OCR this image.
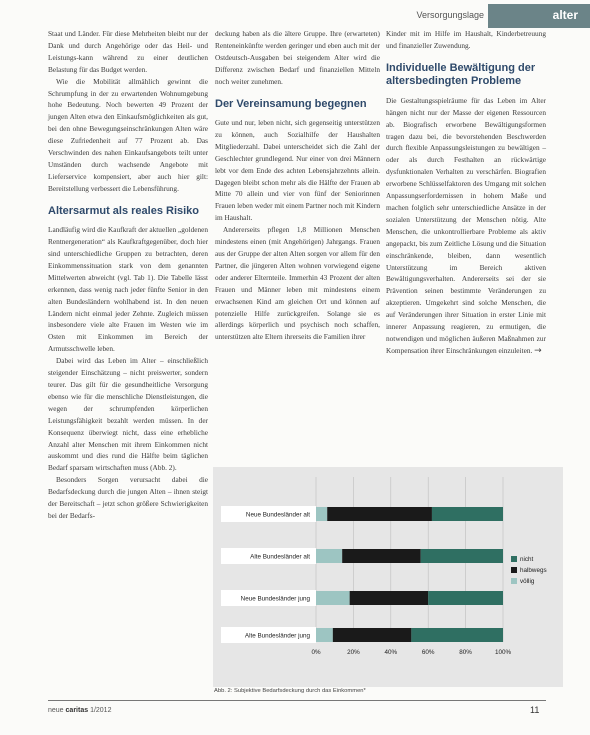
Versorgungslage	alter

Staat und Länder. Für diese Mehrheiten bleibt nur der Dank und durch Angehörige oder das Heil- und Leistungs-kann während zu einer deutlichen Belastung für das Budget werden.

Wie die Mobilität allmählich gewinnt die Schrumpfung in der zu erwartenden Wohnumgebung hohe Bedeutung. Noch bewerten 49 Prozent der jungen Alten etwa den Einkaufsmöglichkeiten als gut, bei den ohne Bewegungseinschränkungen Alten wäre diese Zufriedenheit auf 77 Prozent ab. Das Verschwinden des nahen Einkaufsangebots teilt unter Umständen durch wachsende Angebote mit Lieferservice kompensiert, aber auch hier gilt: Bereitstellung verbessert die Lebensführung.

Altersarmut als reales Risiko

Landläufig wird die Kaufkraft der aktuellen „goldenen Rentnergeneration“ als Kaufkraftgegenüber, doch hier sind unterschiedliche Gruppen zu betrachten, deren Einkommenssituation stark von dem genannten Mittelwerten abweicht (vgl. Tab 1). Die Tabelle lässt erkennen, dass wenig nach jeder fünfte Senior in den alten Bundesländern wohlhabend ist. In den neuen Ländern nicht einmal jeder Zehnte. Zugleich müssen insbesondere viele alte Frauen im Westen wie im Osten mit Einkommen im Bereich der Armutsschwelle leben.

Dabei wird das Leben im Alter – einschließlich steigender Einschätzung – nicht preiswerter, sondern teurer. Das gilt für die gesundheitliche Versorgung ebenso wie für die menschliche Dienstleistungen, die wegen der schrumpfenden körperlichen Leistungsfähigkeit bezahlt werden müssen. In der Konsequenz überwiegt nicht, dass eine erhebliche Anzahl alter Menschen mit ihrem Einkommen nicht auskommt und dies rund die Hälfte beim täglichen Bedarf sparsam wirtschaften muss (Abb. 2).

Besonders Sorgen verursacht dabei die Bedarfsdeckung durch die jungen Alten – ihnen steigt der Bereitschaft – jetzt schon größere Schwierigkeiten bei der Bedarfs-

deckung haben als die ältere Gruppe. Ihre (erwarteten) Renteneinkünfte werden geringer und eben auch mit der Ostdeutsch-Ausgaben bei steigendem Alter wird die Differenz zwischen Bedarf und finanziellen Mitteln noch weiter zunehmen.

Der Vereinsamung begegnen

Gute und nur, leben nicht, sich gegenseitig unterstützen zu können, auch Sozialhilfe der Haushalten Mitgliederzahl. Dabei unterscheidet sich die Zahl der Geschlechter grundlegend. Nur einer von drei Männern lebt vor dem Ende des achten Lebensjahrzehnts allein. Dagegen bleibt schon mehr als die Hälfte der Frauen ab Mitte 70 allein und vier von fünf der Seniorinnen Frauen leben weder mit einem Partner noch mit Kindern im Haushalt.

Andererseits pflegen 1,8 Millionen Menschen mindestens einen (mit Angehörigen) Jahrgangs. Frauen aus der Gruppe der alten Alten sorgen vor allem für den Partner, die jüngeren Alten wohnen vorwiegend eigene oder anderer Elternteile. Immerhin 43 Prozent der alten Frauen und Männer leben mit mindestens einem erwachsenen Kind am gleichen Ort und können auf potenzielle Hilfe zurückgreifen. Solange sie es allerdings körperlich und psychisch noch schaffen, unterstützen alte Eltern ihrerseits die Familien ihrer

Kinder mit im Hilfe im Haushalt, Kinderbetreuung und finanzieller Zuwendung.

Individuelle Bewältigung der altersbedingten Probleme

Die Gestaltungsspielräume für das Leben im Alter hängen nicht nur der Masse der eigenen Ressourcen ab. Biografisch erworbene Bewältigungsformen tragen dazu bei, die bevorstehenden Beschwerden durch flexible Anpassungsleistungen zu bewältigen – oder als durch Festhalten an rückwärtige dysfunktionalen Verhalten zu verschärfen. Biografien erworbene Schlüsselfaktoren des Umgang mit solchen Anpassungserfordernissen in hohem Maße und machen folglich sehr unterschiedliche Ansätze in der sozialen Unterstützung der Menschen nötig. Alte Menschen, die unkontrollierbare Probleme als aktiv angepackt, bis zum Zeitliche Lösung und die Situation einschränkende, bleiben, dann wesentlich Unterstützung im Bereich aktiven Bewältigungsverhalten. Andererseits sei der sie Prävention seinen bestimmte Veränderungen zu akzeptieren. Umgekehrt sind solche Menschen, die auf Veränderungen ihrer Situation in erster Linie mit innerer Anpassung reagieren, zu ermutigen, die notwendigen und möglichen äußeren Maßnahmen zur Kompensation ihrer Einschränkungen einzuleiten. →

Neue Bundesländer alt
Alte Bundesländer alt
Neue Bundesländer jung
Alte Bundesländer jung
0%	20%	40%	60%	80%	100%
nicht
halbwegs
völlig
Abb. 2: Subjektive Bedarfsdeckung durch das Einkommen*
neue caritas 1/2012	11
